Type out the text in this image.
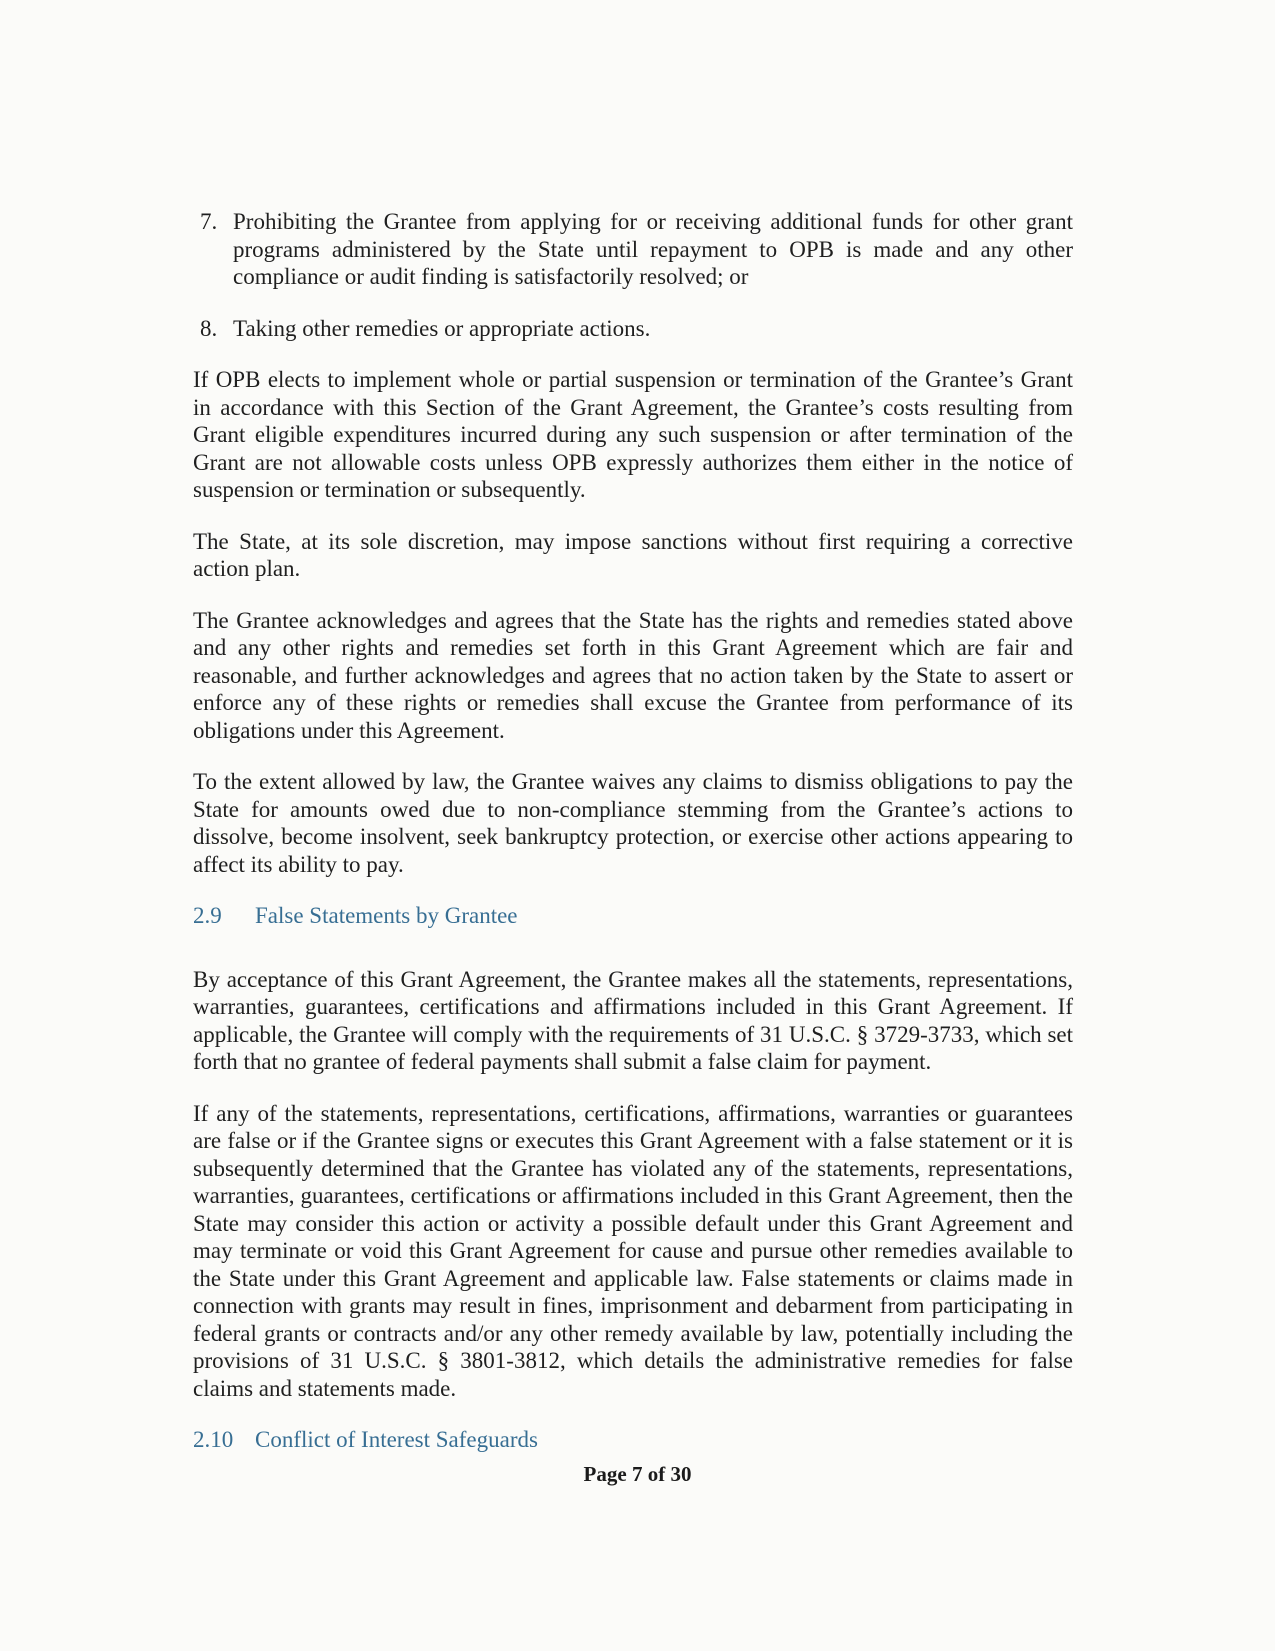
7. Prohibiting the Grantee from applying for or receiving additional funds for other grant programs administered by the State until repayment to OPB is made and any other compliance or audit finding is satisfactorily resolved; or
8. Taking other remedies or appropriate actions.

If OPB elects to implement whole or partial suspension or termination of the Grantee’s Grant in accordance with this Section of the Grant Agreement, the Grantee’s costs resulting from Grant eligible expenditures incurred during any such suspension or after termination of the Grant are not allowable costs unless OPB expressly authorizes them either in the notice of suspension or termination or subsequently.

The State, at its sole discretion, may impose sanctions without first requiring a corrective action plan.

The Grantee acknowledges and agrees that the State has the rights and remedies stated above and any other rights and remedies set forth in this Grant Agreement which are fair and reasonable, and further acknowledges and agrees that no action taken by the State to assert or enforce any of these rights or remedies shall excuse the Grantee from performance of its obligations under this Agreement.

To the extent allowed by law, the Grantee waives any claims to dismiss obligations to pay the State for amounts owed due to non-compliance stemming from the Grantee’s actions to dissolve, become insolvent, seek bankruptcy protection, or exercise other actions appearing to affect its ability to pay.

2.9 False Statements by Grantee

By acceptance of this Grant Agreement, the Grantee makes all the statements, representations, warranties, guarantees, certifications and affirmations included in this Grant Agreement. If applicable, the Grantee will comply with the requirements of 31 U.S.C. § 3729-3733, which set forth that no grantee of federal payments shall submit a false claim for payment.

If any of the statements, representations, certifications, affirmations, warranties or guarantees are false or if the Grantee signs or executes this Grant Agreement with a false statement or it is subsequently determined that the Grantee has violated any of the statements, representations, warranties, guarantees, certifications or affirmations included in this Grant Agreement, then the State may consider this action or activity a possible default under this Grant Agreement and may terminate or void this Grant Agreement for cause and pursue other remedies available to the State under this Grant Agreement and applicable law. False statements or claims made in connection with grants may result in fines, imprisonment and debarment from participating in federal grants or contracts and/or any other remedy available by law, potentially including the provisions of 31 U.S.C. § 3801-3812, which details the administrative remedies for false claims and statements made.

2.10 Conflict of Interest Safeguards
Page 7 of 30
